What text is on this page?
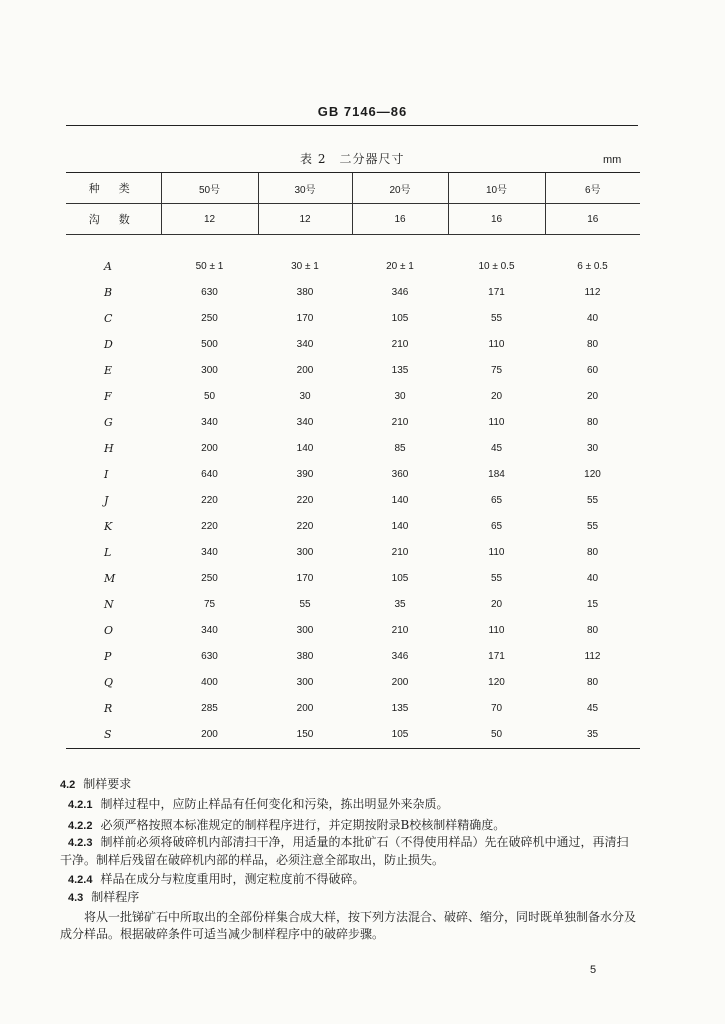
GB 7146—86
表 2　二分器尺寸	mm
种 类	50号	30号	20号	10号	6号
沟 数	12	12	16	16	16

A	50 ± 1	30 ± 1	20 ± 1	10 ± 0.5	6 ± 0.5
B	630	380	346	171	112
C	250	170	105	55	40
D	500	340	210	110	80
E	300	200	135	75	60
F	50	30	30	20	20
G	340	340	210	110	80
H	200	140	85	45	30
I	640	390	360	184	120
J	220	220	140	65	55
K	220	220	140	65	55
L	340	300	210	110	80
M	250	170	105	55	40
N	75	55	35	20	15
O	340	300	210	110	80
P	630	380	346	171	112
Q	400	300	200	120	80
R	285	200	135	70	45
S	200	150	105	50	35

4.2 制样要求

4.2.1 制样过程中，应防止样品有任何变化和污染，拣出明显外来杂质。

4.2.2 必须严格按照本标准规定的制样程序进行，并定期按附录B校核制样精确度。

4.2.3 制样前必须将破碎机内部清扫干净，用适量的本批矿石（不得使用样品）先在破碎机中通过，再清扫干净。制样后残留在破碎机内部的样品，必须注意全部取出，防止损失。

4.2.4 样品在成分与粒度重用时，测定粒度前不得破碎。

4.3 制样程序

将从一批锑矿石中所取出的全部份样集合成大样，按下列方法混合、破碎、缩分，同时既单独制备水分及成分样品。根据破碎条件可适当减少制样程序中的破碎步骤。

5
